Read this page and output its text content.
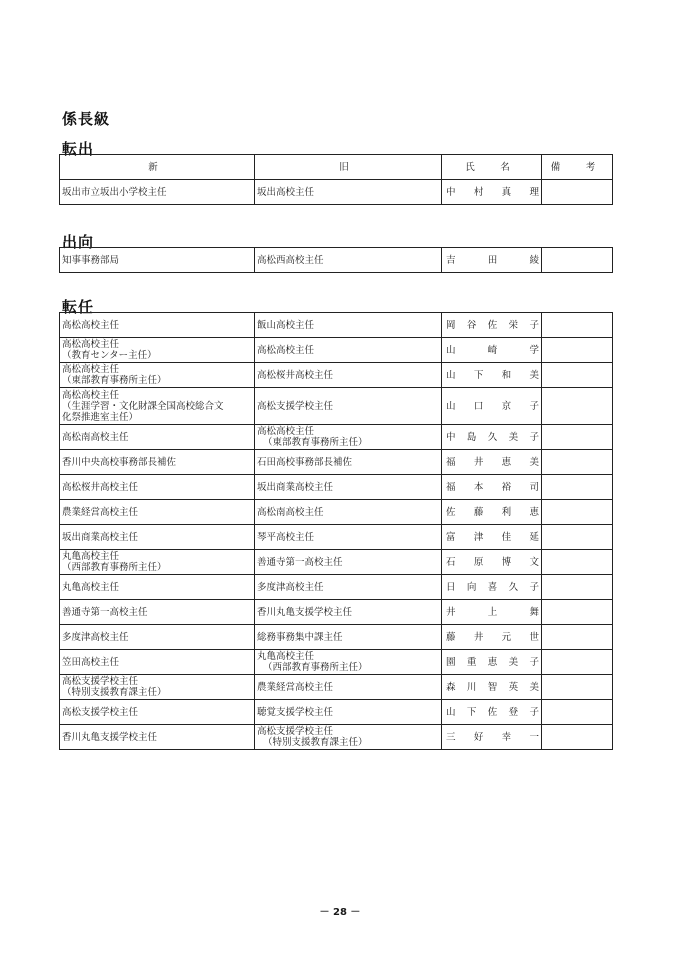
係長級
転出
新	旧	氏　名	備　考

坂出市立坂出小学校主任	坂出高校主任	中 村 真 理	

出向
知事事務部局	高松西高校主任	吉	田	綾

転任
高松高校主任	飯山高校主任	岡 谷 佐 栄 子	

高松高校主任
（教育センター主任）	高松高校主任	山 崎 学	

高松高校主任
（東部教育事務所主任）	高松桜井高校主任	山 下 和 美	

高松高校主任
（生涯学習・文化財課全国高校総合文
化祭推進室主任）	高松支援学校主任	山 口 京 子	

高松南高校主任	高松高校主任
（東部教育事務所主任）	中 島 久 美 子	

香川中央高校事務部長補佐	石田高校事務部長補佐	福 井 恵 美	

高松桜井高校主任	坂出商業高校主任	福 本 裕 司	

農業経営高校主任	高松南高校主任	佐 藤 利 恵	

坂出商業高校主任	琴平高校主任	富 津 佳 延	

丸亀高校主任
（西部教育事務所主任）	善通寺第一高校主任	石 原 博 文	

丸亀高校主任	多度津高校主任	日 向 喜 久 子	

善通寺第一高校主任	香川丸亀支援学校主任	井 上 舞	

多度津高校主任	総務事務集中課主任	藤 井 元 世	

笠田高校主任	丸亀高校主任
（西部教育事務所主任）	園 重 恵 美 子	

高松支援学校主任
（特別支援教育課主任）	農業経営高校主任	森 川 智 英 美	

高松支援学校主任	聴覚支援学校主任	山 下 佐 登 子	

香川丸亀支援学校主任	高松支援学校主任
（特別支援教育課主任）	三 好 幸 一	

－ 28 －
